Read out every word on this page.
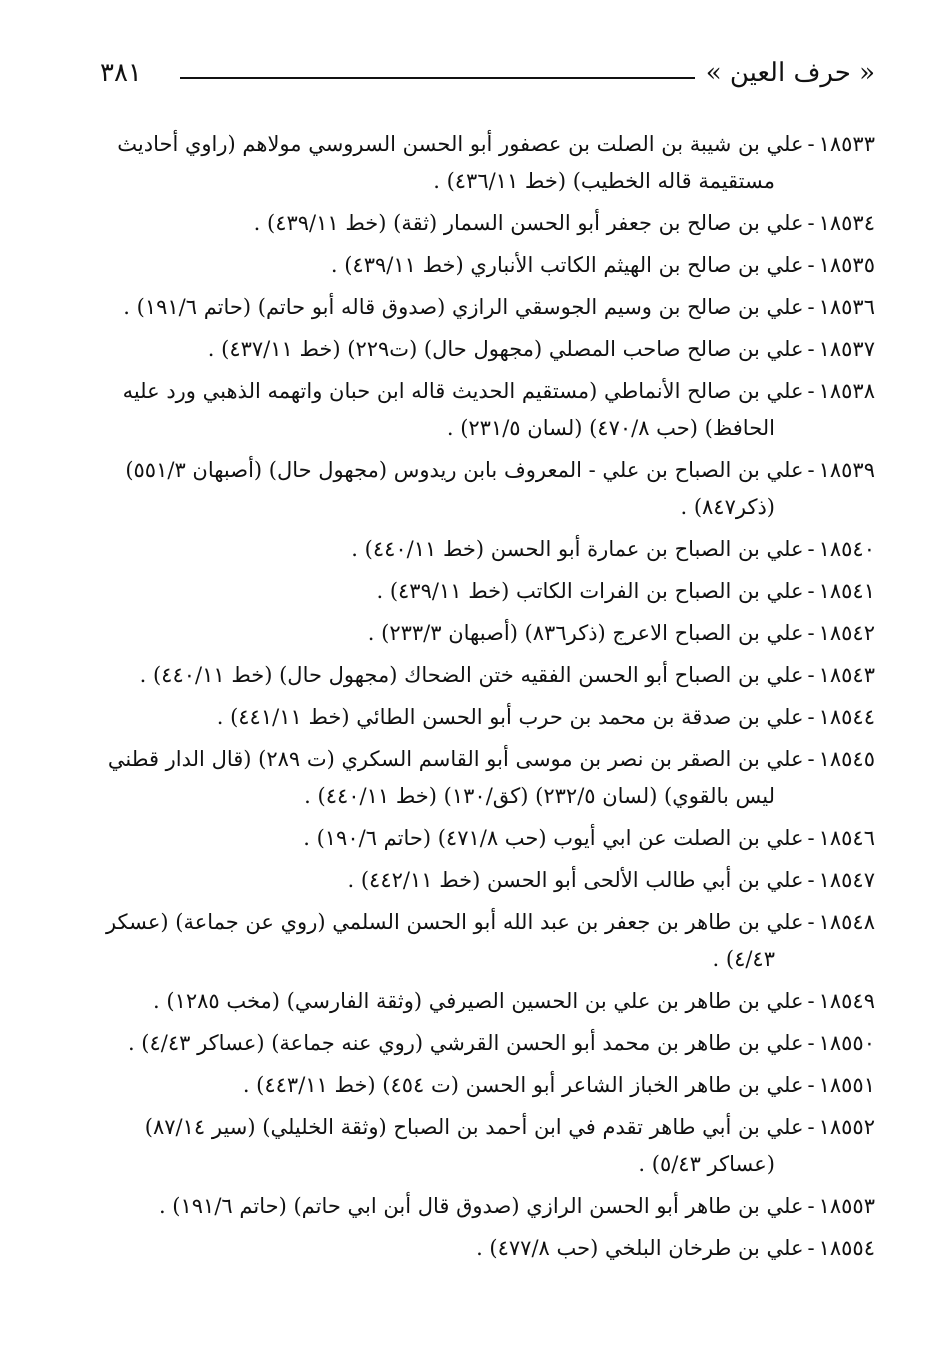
« حرف العين »
٣٨١
١٨٥٣٣-علي بن شيبة بن الصلت بن عصفور أبو الحسن السروسي مولاهم (راوي أحاديث مستقيمة قاله الخطيب) (خط ٤٣٦/١١) .
١٨٥٣٤-علي بن صالح بن جعفر أبو الحسن السمار (ثقة) (خط ٤٣٩/١١) .
١٨٥٣٥-علي بن صالح بن الهيثم الكاتب الأنباري (خط ٤٣٩/١١) .
١٨٥٣٦-علي بن صالح بن وسيم الجوسقي الرازي (صدوق قاله أبو حاتم) (حاتم ١٩١/٦) .
١٨٥٣٧-علي بن صالح صاحب المصلي (مجهول حال) (ت٢٢٩) (خط ٤٣٧/١١) .
١٨٥٣٨-علي بن صالح الأنماطي (مستقيم الحديث قاله ابن حبان واتهمه الذهبي ورد عليه الحافظ) (حب ٤٧٠/٨) (لسان ٢٣١/٥) .
١٨٥٣٩-علي بن الصباح بن علي - المعروف بابن ريدوس (مجهول حال) (أصبهان ٥٥١/٣) (ذكر٨٤٧) .
١٨٥٤٠-علي بن الصباح بن عمارة أبو الحسن (خط ٤٤٠/١١) .
١٨٥٤١-علي بن الصباح بن الفرات الكاتب (خط ٤٣٩/١١) .
١٨٥٤٢-علي بن الصباح الاعرج (ذكر٨٣٦) (أصبهان ٢٣٣/٣) .
١٨٥٤٣-علي بن الصباح أبو الحسن الفقيه ختن الضحاك (مجهول حال) (خط ٤٤٠/١١) .
١٨٥٤٤-علي بن صدقة بن محمد بن حرب أبو الحسن الطائي (خط ٤٤١/١١) .
١٨٥٤٥-علي بن الصقر بن نصر بن موسى أبو القاسم السكري (ت ٢٨٩) (قال الدار قطني ليس بالقوي) (لسان ٢٣٢/٥) (كق/١٣٠) (خط ٤٤٠/١١) .
١٨٥٤٦-علي بن الصلت عن ابي أيوب (حب ٤٧١/٨) (حاتم ١٩٠/٦) .
١٨٥٤٧-علي بن أبي طالب الألحى أبو الحسن (خط ٤٤٢/١١) .
١٨٥٤٨-علي بن طاهر بن جعفر بن عبد الله أبو الحسن السلمي (روي عن جماعة) (عسكر ٤/٤٣) .
١٨٥٤٩-علي بن طاهر بن علي بن الحسين الصيرفي (وثقة الفارسي) (مخب ١٢٨٥) .
١٨٥٥٠-علي بن طاهر بن محمد أبو الحسن القرشي (روي عنه جماعة) (عساكر ٤/٤٣) .
١٨٥٥١-علي بن طاهر الخباز الشاعر أبو الحسن (ت ٤٥٤) (خط ٤٤٣/١١) .
١٨٥٥٢-علي بن أبي طاهر تقدم في ابن أحمد بن الصباح (وثقة الخليلي) (سير ٨٧/١٤) (عساكر ٥/٤٣) .
١٨٥٥٣-علي بن طاهر أبو الحسن الرازي (صدوق قال أبن ابي حاتم) (حاتم ١٩١/٦) .
١٨٥٥٤-علي بن طرخان البلخي (حب ٤٧٧/٨) .
